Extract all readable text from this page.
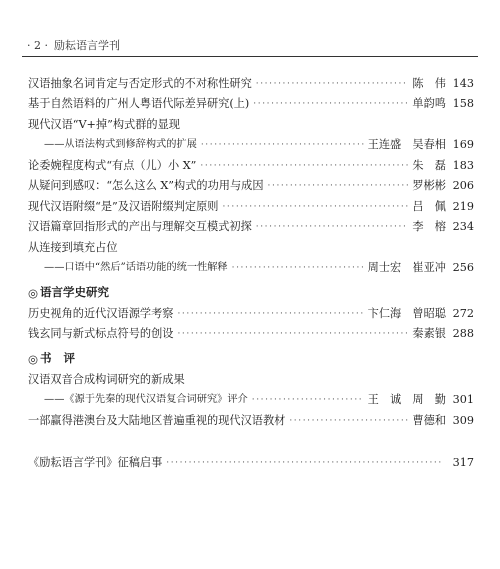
· 2 · 励耘语言学刊
汉语抽象名词肯定与否定形式的不对称性研究 ·····	陈　伟 143
基于自然语料的广州人粤语代际差异研究(上) ·····	单韵鸣 158
现代汉语“V+掉”构式群的显现
——从语法构式到修辞构式的扩展 ·····	王连盛　吴春相 169
论委婉程度构式“有点（儿）小 X” ·····	朱　磊 183
从疑问到感叹：“怎么这么 X”构式的功用与成因 ·····	罗彬彬 206
现代汉语附缀“是”及汉语附缀判定原则 ·····	吕　佩 219
汉语篇章回指形式的产出与理解交互模式初探 ·····	李　榕 234
从连接到填充占位
——口语中“然后”话语功能的统一性解释 ·····	周士宏　崔亚冲 256
◎ 语言学史研究
历史视角的近代汉语源学考察 ·····	卞仁海　曾昭聪 272
钱玄同与新式标点符号的创设 ·····	秦素银 288
◎ 书评
汉语双音合成构词研究的新成果
——《源于先秦的现代汉语复合词研究》评介 ·····	王　诚　周　勤 301
一部赢得港澳台及大陆地区普遍重视的现代汉语教材 ·····	曹德和 309
《励耘语言学刊》征稿启事 ·····	317
